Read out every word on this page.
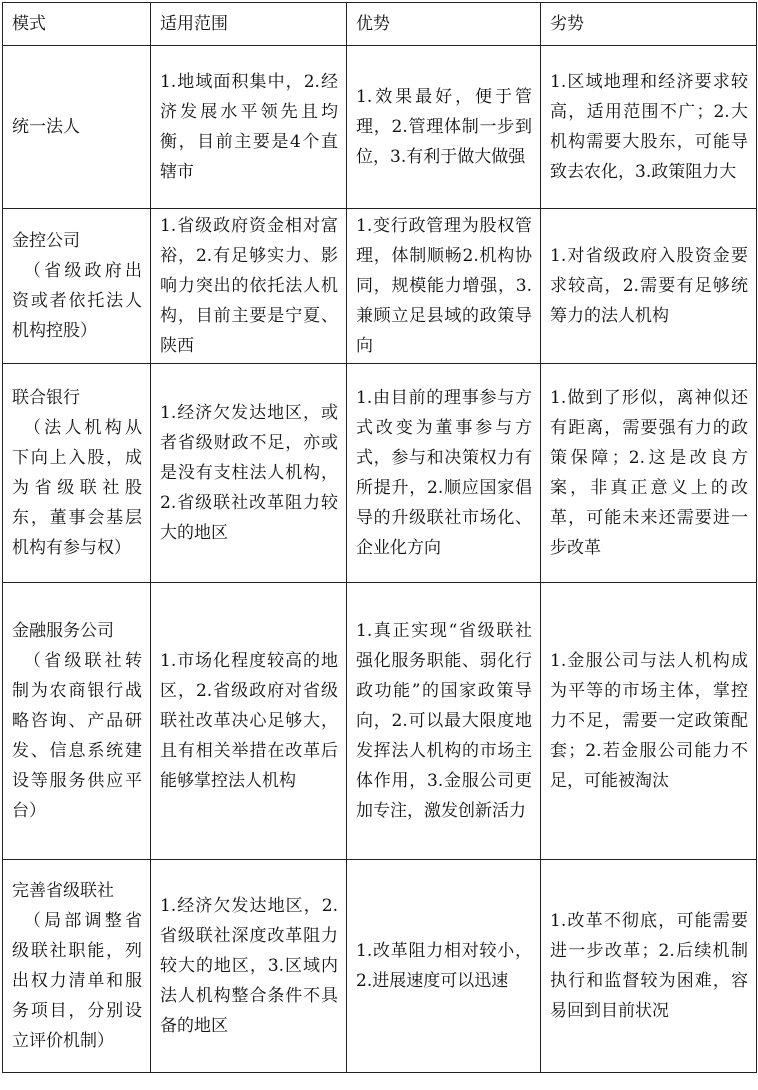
模式	适用范围	优势	劣势

统一法人	1.地域面积集中，2.经济发展水平领先且均衡，目前主要是4个直辖市	1.效果最好，便于管理，2.管理体制一步到位，3.有利于做大做强	1.区域地理和经济要求较高，适用范围不广；2.大机构需要大股东，可能导致去农化，3.政策阻力大

金控公司
（省级政府出资或者依托法人机构控股）	1.省级政府资金相对富裕，2.有足够实力、影响力突出的依托法人机构，目前主要是宁夏、陕西	1.变行政管理为股权管理，体制顺畅2.机构协同，规模能力增强，3.兼顾立足县域的政策导向	1.对省级政府入股资金要求较高，2.需要有足够统筹力的法人机构

联合银行
（法人机构从下向上入股，成为省级联社股东，董事会基层机构有参与权）	1.经济欠发达地区，或者省级财政不足，亦或是没有支柱法人机构，2.省级联社改革阻力较大的地区	1.由目前的理事参与方式改变为董事参与方式，参与和决策权力有所提升，2.顺应国家倡导的升级联社市场化、企业化方向	1.做到了形似，离神似还有距离，需要强有力的政策保障；2.这是改良方案，非真正意义上的改革，可能未来还需要进一步改革

金融服务公司
（省级联社转制为农商银行战略咨询、产品研发、信息系统建设等服务供应平台）	1.市场化程度较高的地区，2.省级政府对省级联社改革决心足够大，且有相关举措在改革后能够掌控法人机构	1.真正实现“省级联社强化服务职能、弱化行政功能”的国家政策导向，2.可以最大限度地发挥法人机构的市场主体作用，3.金服公司更加专注，激发创新活力	1.金服公司与法人机构成为平等的市场主体，掌控力不足，需要一定政策配套；2.若金服公司能力不足，可能被淘汰

完善省级联社
（局部调整省级联社职能，列出权力清单和服务项目，分别设立评价机制）	1.经济欠发达地区，2.省级联社深度改革阻力较大的地区，3.区域内法人机构整合条件不具备的地区	1.改革阻力相对较小，2.进展速度可以迅速	1.改革不彻底，可能需要进一步改革；2.后续机制执行和监督较为困难，容易回到目前状况
